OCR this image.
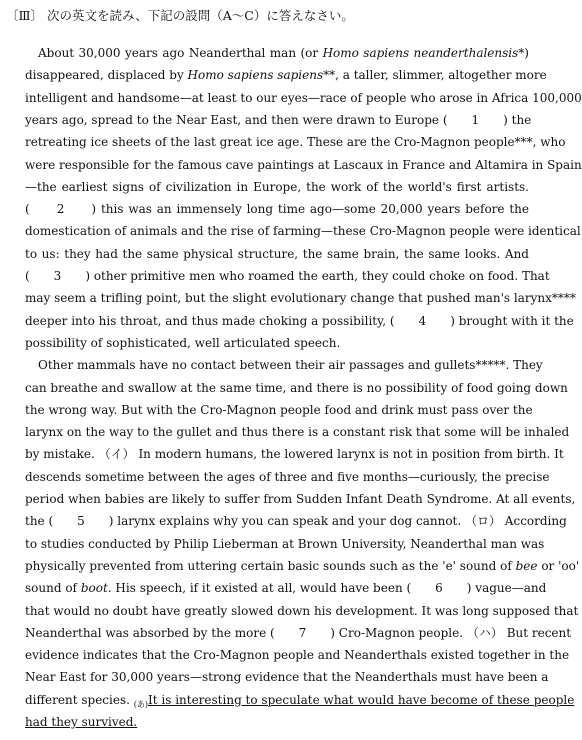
〔Ⅲ〕 次の英文を読み、下記の設問（A～C）に答えなさい。
About 30,000 years ago Neanderthal man (or Homo sapiens neanderthalensis*)
disappeared, displaced by Homo sapiens sapiens**, a taller, slimmer, altogether more
intelligent and handsome—at least to our eyes—race of people who arose in Africa 100,000
years ago, spread to the Near East, and then were drawn to Europe (　　1　　) the
retreating ice sheets of the last great ice age. These are the Cro-Magnon people***, who
were responsible for the famous cave paintings at Lascaux in France and Altamira in Spain
—the earliest signs of civilization in Europe, the work of the world's first artists.
(　　2　　) this was an immensely long time ago—some 20,000 years before the
domestication of animals and the rise of farming—these Cro-Magnon people were identical
to us: they had the same physical structure, the same brain, the same looks. And
(　　3　　) other primitive men who roamed the earth, they could choke on food. That
may seem a trifling point, but the slight evolutionary change that pushed man's larynx****
deeper into his throat, and thus made choking a possibility, (　　4　　) brought with it the
possibility of sophisticated, well articulated speech.
Other mammals have no contact between their air passages and gullets*****. They
can breathe and swallow at the same time, and there is no possibility of food going down
the wrong way. But with the Cro-Magnon people food and drink must pass over the
larynx on the way to the gullet and thus there is a constant risk that some will be inhaled
by mistake. （イ） In modern humans, the lowered larynx is not in position from birth. It
descends sometime between the ages of three and five months—curiously, the precise
period when babies are likely to suffer from Sudden Infant Death Syndrome. At all events,
the (　　5　　) larynx explains why you can speak and your dog cannot. （ロ） According
to studies conducted by Philip Lieberman at Brown University, Neanderthal man was
physically prevented from uttering certain basic sounds such as the 'e' sound of bee or 'oo'
sound of boot. His speech, if it existed at all, would have been (　　6　　) vague—and
that would no doubt have greatly slowed down his development. It was long supposed that
Neanderthal was absorbed by the more (　　7　　) Cro-Magnon people. （ハ） But recent
evidence indicates that the Cro-Magnon people and Neanderthals existed together in the
Near East for 30,000 years—strong evidence that the Neanderthals must have been a
different species. $_{(あ)}$It is interesting to speculate what would have become of these people
had they survived.
